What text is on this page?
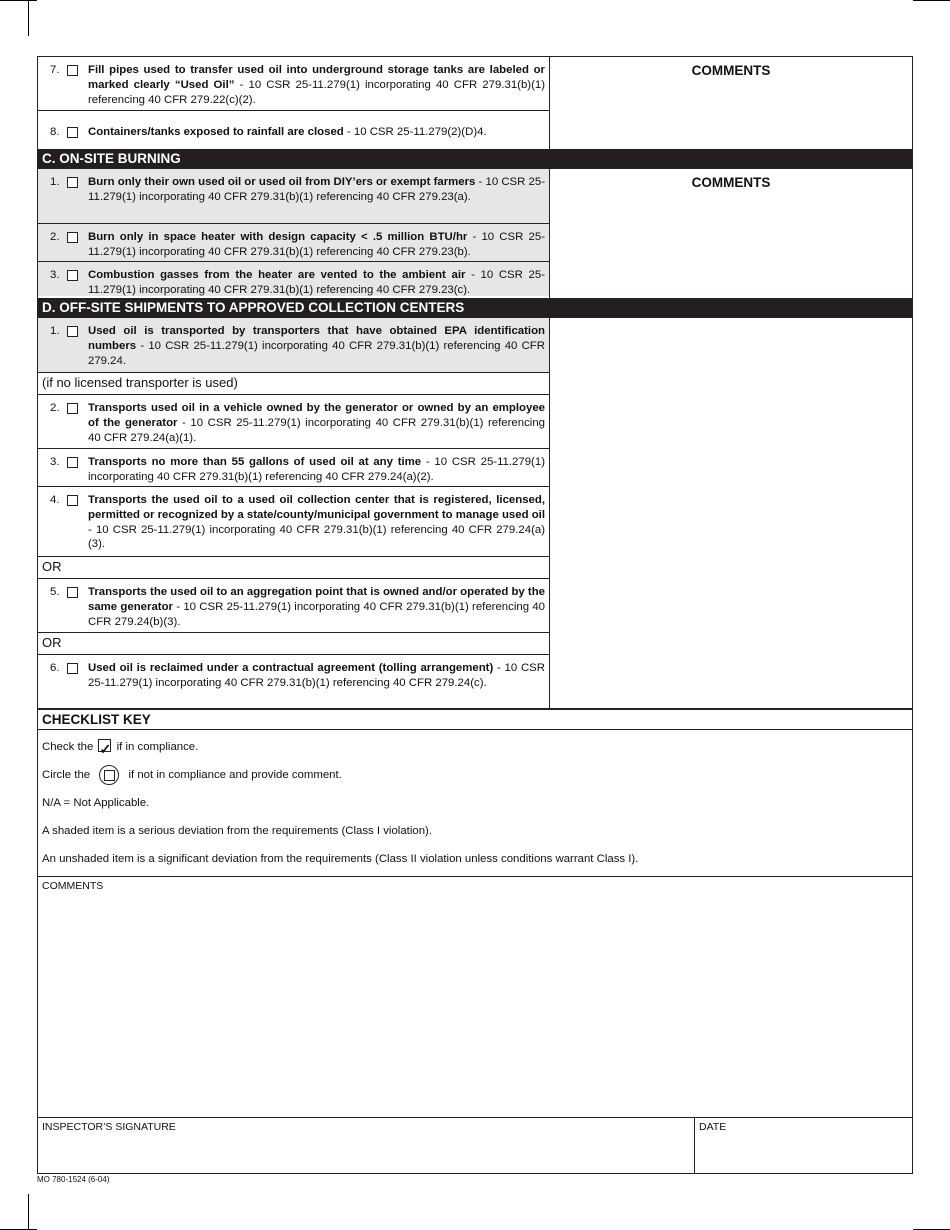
7.	Fill pipes used to transfer used oil into underground storage tanks are labeled or marked clearly “Used Oil” - 10 CSR 25-11.279(1) incorporating 40 CFR 279.31(b)(1) referencing 40 CFR 279.22(c)(2).
8.	Containers/tanks exposed to rainfall are closed - 10 CSR 25-11.279(2)(D)4.
COMMENTS
C. ON-SITE BURNING
1.	Burn only their own used oil or used oil from DIY’ers or exempt farmers - 10 CSR 25-11.279(1) incorporating 40 CFR 279.31(b)(1) referencing 40 CFR 279.23(a).
2.	Burn only in space heater with design capacity < .5 million BTU/hr - 10 CSR 25-11.279(1) incorporating 40 CFR 279.31(b)(1) referencing 40 CFR 279.23(b).
3.	Combustion gasses from the heater are vented to the ambient air - 10 CSR 25-11.279(1) incorporating 40 CFR 279.31(b)(1) referencing 40 CFR 279.23(c).
COMMENTS
D. OFF-SITE SHIPMENTS TO APPROVED COLLECTION CENTERS
1.	Used oil is transported by transporters that have obtained EPA identification numbers - 10 CSR 25-11.279(1) incorporating 40 CFR 279.31(b)(1) referencing 40 CFR 279.24.
(if no licensed transporter is used)
2.	Transports used oil in a vehicle owned by the generator or owned by an employee of the generator - 10 CSR 25-11.279(1) incorporating 40 CFR 279.31(b)(1) referencing 40 CFR 279.24(a)(1).
3.	Transports no more than 55 gallons of used oil at any time - 10 CSR 25-11.279(1) incorporating 40 CFR 279.31(b)(1) referencing 40 CFR 279.24(a)(2).
4.	Transports the used oil to a used oil collection center that is registered, licensed, permitted or recognized by a state/county/municipal government to manage used oil - 10 CSR 25-11.279(1) incorporating 40 CFR 279.31(b)(1) referencing 40 CFR 279.24(a)(3).
OR
5.	Transports the used oil to an aggregation point that is owned and/or operated by the same generator - 10 CSR 25-11.279(1) incorporating 40 CFR 279.31(b)(1) referencing 40 CFR 279.24(b)(3).
OR
6.	Used oil is reclaimed under a contractual agreement (tolling arrangement) - 10 CSR 25-11.279(1) incorporating 40 CFR 279.31(b)(1) referencing 40 CFR 279.24(c).
CHECKLIST KEY
Check the ✓ if in compliance.
Circle the	if not in compliance and provide comment.
N/A = Not Applicable.
A shaded item is a serious deviation from the requirements (Class I violation).
An unshaded item is a significant deviation from the requirements (Class II violation unless conditions warrant Class I).
COMMENTS
INSPECTOR’S SIGNATURE	DATE
MO 780-1524 (6-04)
